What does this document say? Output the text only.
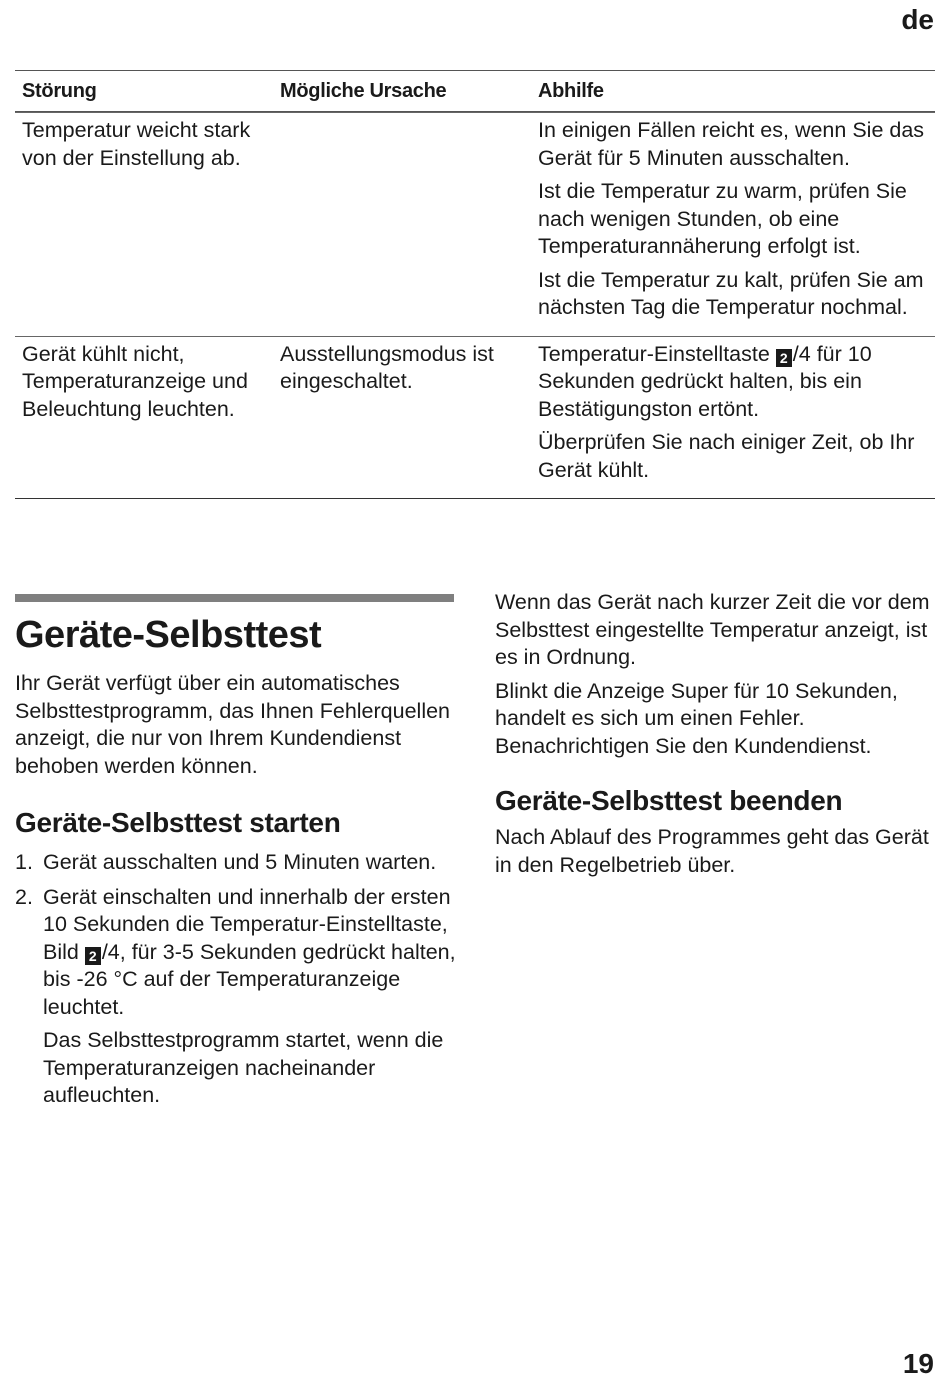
de
Störung	Mögliche Ursache	Abhilfe

Temperatur weicht stark von der Einstellung ab.

In einigen Fällen reicht es, wenn Sie das Gerät für 5 Minuten ausschalten.

Ist die Temperatur zu warm, prüfen Sie nach wenigen Stunden, ob eine Temperaturannäherung erfolgt ist.

Ist die Temperatur zu kalt, prüfen Sie am nächsten Tag die Temperatur nochmal.

Gerät kühlt nicht, Temperaturanzeige und Beleuchtung leuchten.

Ausstellungsmodus ist eingeschaltet.

Temperatur-Einstelltaste 2 /4 für 10 Sekunden gedrückt halten, bis ein Bestätigungston ertönt.

Überprüfen Sie nach einiger Zeit, ob Ihr Gerät kühlt.

Geräte-Selbsttest

Ihr Gerät verfügt über ein automatisches Selbsttestprogramm, das Ihnen Fehlerquellen anzeigt, die nur von Ihrem Kundendienst behoben werden können.

Geräte-Selbsttest starten
1. Gerät ausschalten und 5 Minuten warten.
2. Gerät einschalten und innerhalb der ersten 10 Sekunden die Temperatur-Einstelltaste, Bild 2 /4, für 3-5 Sekunden gedrückt halten, bis -26 °C auf der Temperaturanzeige leuchtet.

Das Selbsttestprogramm startet, wenn die Temperaturanzeigen nacheinander aufleuchten.

Wenn das Gerät nach kurzer Zeit die vor dem Selbsttest eingestellte Temperatur anzeigt, ist es in Ordnung.

Blinkt die Anzeige Super für 10 Sekunden, handelt es sich um einen Fehler.

Benachrichtigen Sie den Kundendienst.

Geräte-Selbsttest beenden

Nach Ablauf des Programmes geht das Gerät in den Regelbetrieb über.

19
